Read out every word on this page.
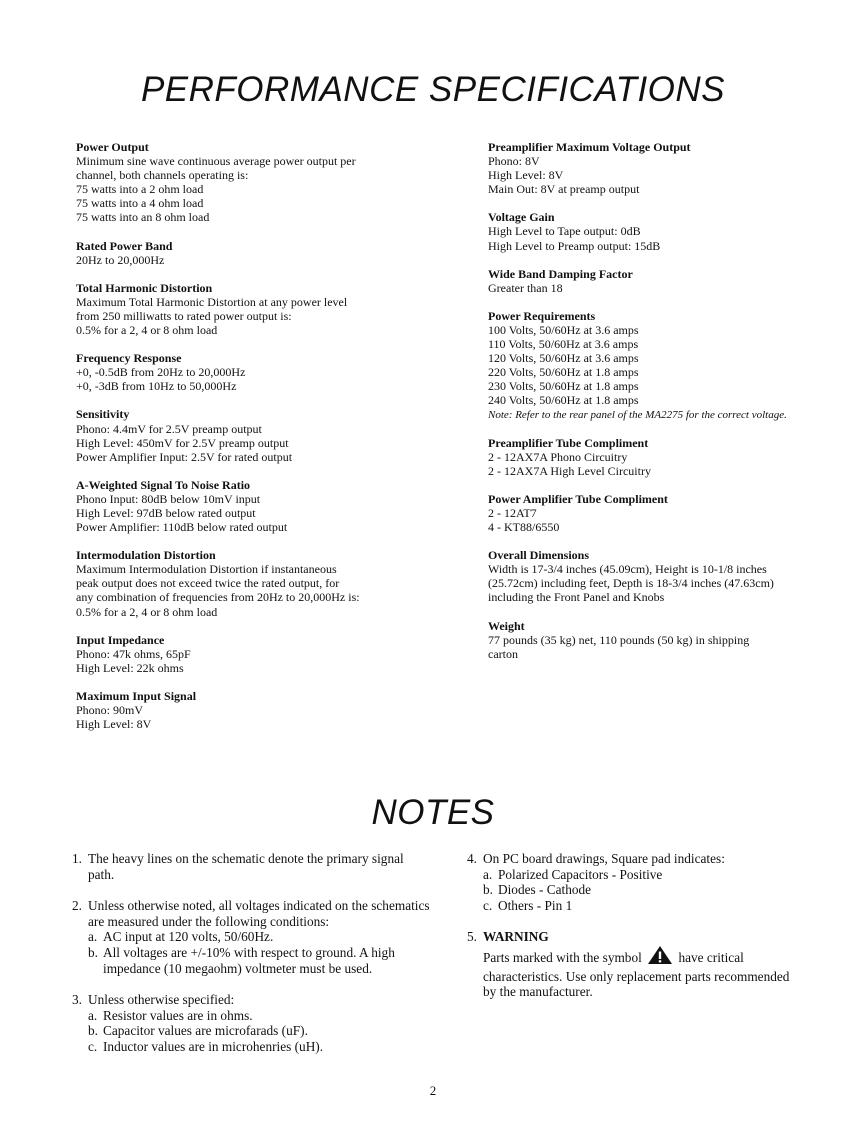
PERFORMANCE SPECIFICATIONS
Power Output
Minimum sine wave continuous average power output per
channel, both channels operating is:
75 watts into a 2 ohm load
75 watts into a 4 ohm load
75 watts into an 8 ohm load
Rated Power Band
20Hz to 20,000Hz
Total Harmonic Distortion
Maximum Total Harmonic Distortion at any power level
from 250 milliwatts to rated power output is:
0.5% for a 2, 4 or 8 ohm load
Frequency Response
+0, -0.5dB from 20Hz to 20,000Hz
+0, -3dB from 10Hz to 50,000Hz
Sensitivity
Phono: 4.4mV for 2.5V preamp output
High Level: 450mV for 2.5V preamp output
Power Amplifier Input: 2.5V for rated output
A-Weighted Signal To Noise Ratio
Phono Input: 80dB below 10mV input
High Level: 97dB below rated output
Power Amplifier: 110dB below rated output
Intermodulation Distortion
Maximum Intermodulation Distortion if instantaneous
peak output does not exceed twice the rated output, for
any combination of frequencies from 20Hz to 20,000Hz is:
0.5% for a 2, 4 or 8 ohm load
Input Impedance
Phono: 47k ohms, 65pF
High Level: 22k ohms
Maximum Input Signal
Phono: 90mV
High Level: 8V
Preamplifier Maximum Voltage Output
Phono: 8V
High Level: 8V
Main Out: 8V at preamp output
Voltage Gain
High Level to Tape output: 0dB
High Level to Preamp output: 15dB
Wide Band Damping Factor
Greater than 18
Power Requirements
100 Volts, 50/60Hz at 3.6 amps
110 Volts, 50/60Hz at 3.6 amps
120 Volts, 50/60Hz at 3.6 amps
220 Volts, 50/60Hz at 1.8 amps
230 Volts, 50/60Hz at 1.8 amps
240 Volts, 50/60Hz at 1.8 amps
Note: Refer to the rear panel of the MA2275 for the correct voltage.
Preamplifier Tube Compliment
2 - 12AX7A Phono Circuitry
2 - 12AX7A High Level Circuitry
Power Amplifier Tube Compliment
2 - 12AT7
4 - KT88/6550
Overall Dimensions
Width is 17-3/4 inches (45.09cm), Height is 10-1/8 inches
(25.72cm) including feet, Depth is 18-3/4 inches (47.63cm)
including the Front Panel and Knobs
Weight
77 pounds (35 kg) net, 110 pounds (50 kg) in shipping
carton
NOTES
1. The heavy lines on the schematic denote the primary signal path.
2. Unless otherwise noted, all voltages indicated on the schematics are measured under the following conditions:
a. AC input at 120 volts, 50/60Hz.
b. All voltages are +/-10% with respect to ground. A high impedance (10 megaohm) voltmeter must be used.
3. Unless otherwise specified:
a. Resistor values are in ohms.
b. Capacitor values are microfarads (uF).
c. Inductor values are in microhenries (uH).
4. On PC board drawings, Square pad indicates:
a. Polarized Capacitors - Positive
b. Diodes - Cathode
c. Others - Pin 1
5. WARNING
Parts marked with the symbol	have critical characteristics. Use only replacement parts recommended by the manufacturer.
2
